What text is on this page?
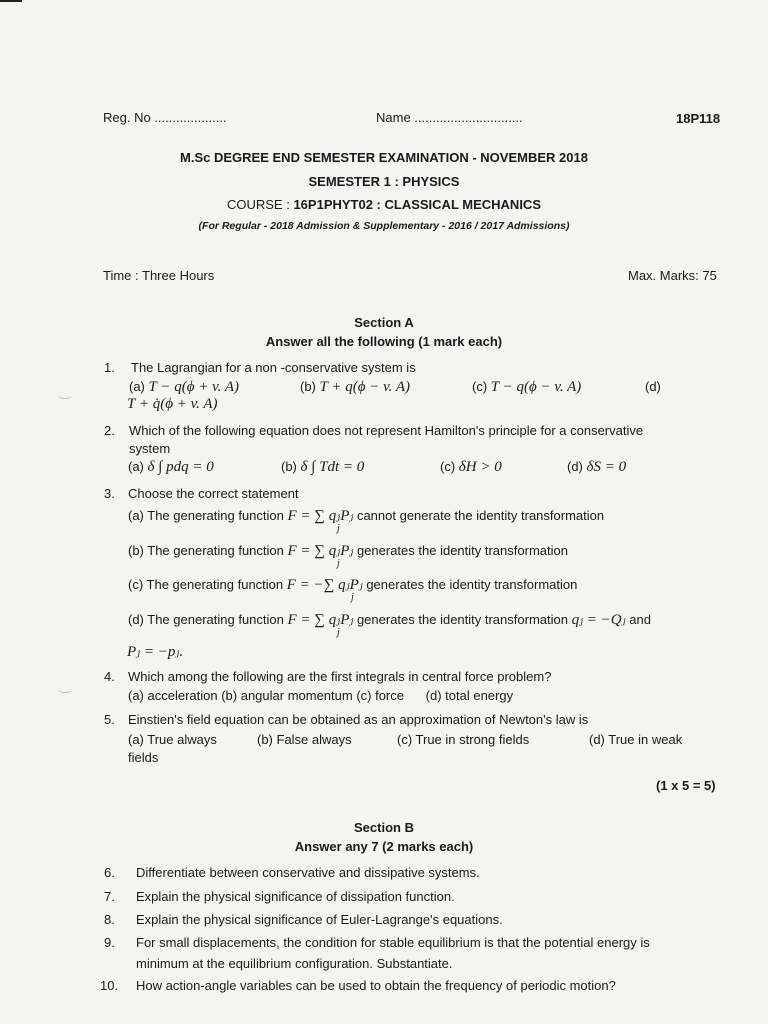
Reg. No ....................	Name ..............................	18P118
M.Sc DEGREE END SEMESTER EXAMINATION - NOVEMBER 2018
SEMESTER 1 : PHYSICS
COURSE : 16P1PHYT02 : CLASSICAL MECHANICS
(For Regular - 2018 Admission & Supplementary - 2016 / 2017 Admissions)
Time : Three Hours	Max. Marks: 75
Section A
Answer all the following (1 mark each)
1. The Lagrangian for a non -conservative system is
(a) T − q(ϕ + v. A)	(b) T + q(ϕ − v. A)	(c) T − q(ϕ − v. A)	(d)
T + q̇(ϕ + v. A)
2. Which of the following equation does not represent Hamilton's principle for a conservative
system
(a) δ ∫ pdq = 0	(b) δ ∫ Tdt = 0	(c) δH > 0	(d) δS = 0
3. Choose the correct statement
(a) The generating function F = ∑ qⱼPⱼ cannot generate the identity transformation
j
(b) The generating function F = ∑ qⱼPⱼ generates the identity transformation
j
(c) The generating function F = −∑ qⱼPⱼ generates the identity transformation
j
(d) The generating function F = ∑ qⱼPⱼ generates the identity transformation qⱼ = −Qⱼ and
j
Pⱼ = −pⱼ.
4. Which among the following are the first integrals in central force problem?
(a) acceleration (b) angular momentum (c) force      (d) total energy
5. Einstien's field equation can be obtained as an approximation of Newton's law is
(a) True always	(b) False always	(c) True in strong fields	(d) True in weak
fields
(1 x 5 = 5)
Section B
Answer any 7 (2 marks each)
6. Differentiate between conservative and dissipative systems.
7. Explain the physical significance of dissipation function.
8. Explain the physical significance of Euler-Lagrange's equations.
9. For small displacements, the condition for stable equilibrium is that the potential energy is
minimum at the equilibrium configuration. Substantiate.
10. How action-angle variables can be used to obtain the frequency of periodic motion?
